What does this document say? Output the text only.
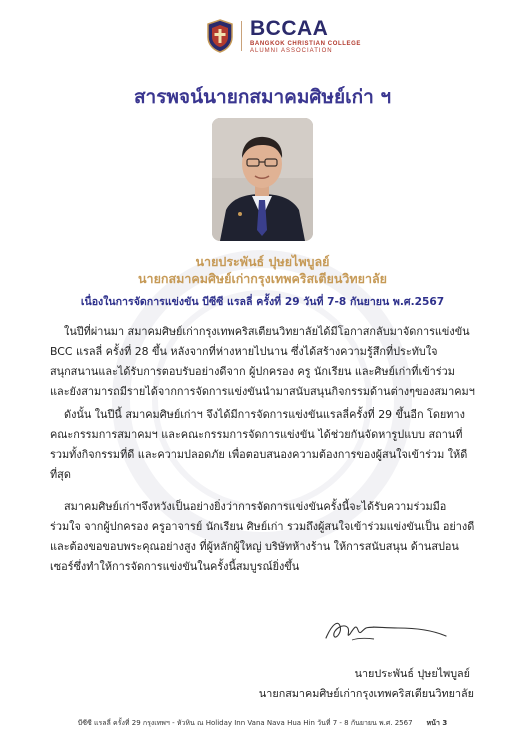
BCCAA
BANGKOK CHRISTIAN COLLEGE
ALUMNI ASSOCIATION
สารพจน์นายกสมาคมศิษย์เก่า ฯ
นายประพันธ์ ปุษยไพบูลย์
นายกสมาคมศิษย์เก่ากรุงเทพคริสเตียนวิทยาลัย
เนื่องในการจัดการแข่งขัน บีซีซี แรลลี่ ครั้งที่ 29 วันที่ 7-8 กันยายน พ.ศ.2567

ในปีที่ผ่านมา สมาคมศิษย์เก่ากรุงเทพคริสเตียนวิทยาลัยได้มีโอกาสกลับมาจัดการแข่งขัน BCC แรลลี่ ครั้งที่ 28 ขึ้น หลังจากที่ห่างหายไปนาน ซึ่งได้สร้างความรู้สึกที่ประทับใจ สนุกสนานและได้รับการตอบรับอย่างดีจาก ผู้ปกครอง ครู นักเรียน และศิษย์เก่าที่เข้าร่วม และยังสามารถมีรายได้จากการจัดการแข่งขันนำมาสนับสนุนกิจกรรมด้านต่างๆของสมาคมฯ

ดังนั้น ในปีนี้ สมาคมศิษย์เก่าฯ จึงได้มีการจัดการแข่งขันแรลลี่ครั้งที่ 29 ขึ้นอีก โดยทาง คณะกรรมการสมาคมฯ และคณะกรรมการจัดการแข่งขัน ได้ช่วยกันจัดหารูปแบบ สถานที่ รวมทั้งกิจกรรมที่ดี และความปลอดภัย เพื่อตอบสนองความต้องการของผู้สนใจเข้าร่วม ให้ดีที่สุด

สมาคมศิษย์เก่าฯจึงหวังเป็นอย่างยิ่งว่าการจัดการแข่งขันครั้งนี้จะได้รับความร่วมมือ ร่วมใจ จากผู้ปกครอง ครูอาจารย์ นักเรียน ศิษย์เก่า รวมถึงผู้สนใจเข้าร่วมแข่งขันเป็น อย่างดี และต้องขอขอบพระคุณอย่างสูง ที่ผู้หลักผู้ใหญ่ บริษัทห้างร้าน ให้การสนับสนุน ด้านสปอนเซอร์ซึ่งทำให้การจัดการแข่งขันในครั้งนี้สมบูรณ์ยิ่งขึ้น

นายประพันธ์ ปุษยไพบูลย์
นายกสมาคมศิษย์เก่ากรุงเทพคริสเตียนวิทยาลัย
บีซีซี แรลลี่ ครั้งที่ 29 กรุงเทพฯ - หัวหิน ณ Holiday Inn Vana Nava Hua Hin วันที่ 7 - 8 กันยายน พ.ศ. 2567 หน้า 3
